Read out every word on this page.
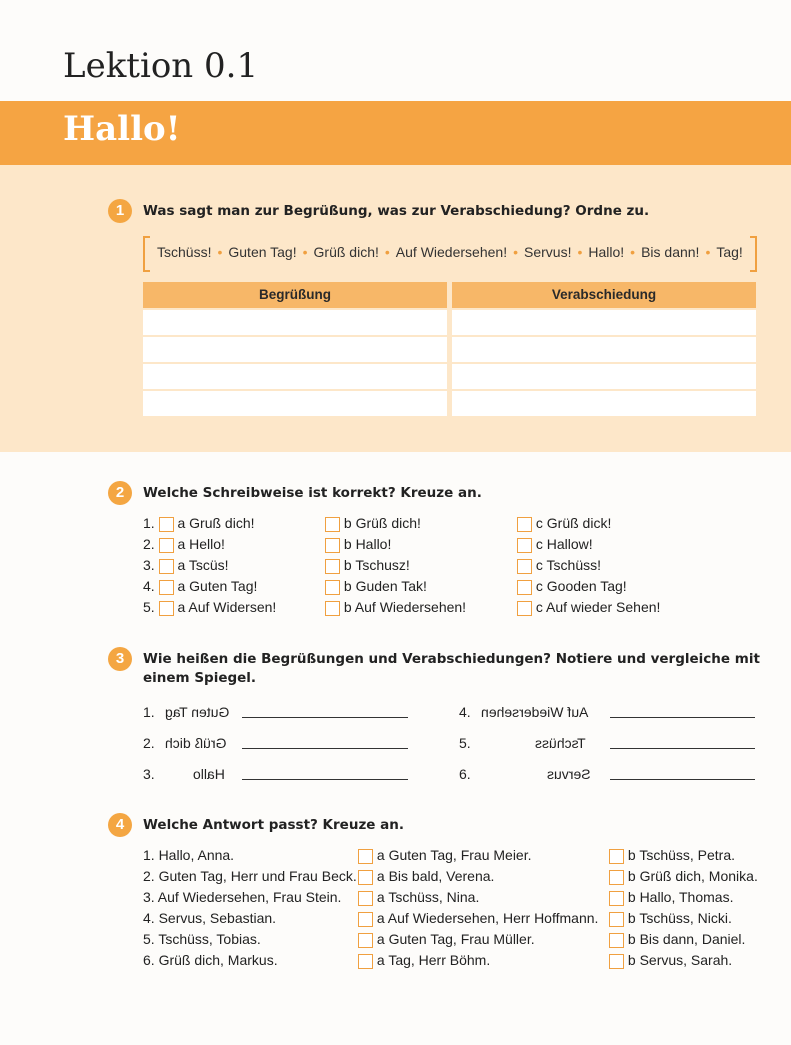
Lektion 0.1
Hallo!
1	Was sagt man zur Begrüßung, was zur Verabschiedung? Ordne zu.
Tschüss! • Guten Tag! • Grüß dich! • Auf Wiedersehen! • Servus! • Hallo! • Bis dann! • Tag!
Begrüßung	Verabschiedung
2	Welche Schreibweise ist korrekt? Kreuze an.
1. a Gruß dich!	b Grüß dich!	c Grüß dick!
2. a Hello!	b Hallo!	c Hallow!
3. a Tscüs!	b Tschusz!	c Tschüss!
4. a Guten Tag!	b Guden Tak!	c Gooden Tag!
5. a Auf Widersen!	b Auf Wiedersehen!	c Auf wieder Sehen!
3	Wie heißen die Begrüßungen und Verabschiedungen? Notiere und vergleiche mit
einem Spiegel.
1. Guten Tag
2. Grüß dich
3.	Hallo
4. Auf Wiedersehen
5.	Tschüss
6.	Servus
4	Welche Antwort passt? Kreuze an.
1. Hallo, Anna.	a Guten Tag, Frau Meier.	b Tschüss, Petra.
2. Guten Tag, Herr und Frau Beck.	a Bis bald, Verena.	b Grüß dich, Monika.
3. Auf Wiedersehen, Frau Stein.	a Tschüss, Nina.	b Hallo, Thomas.
4. Servus, Sebastian.	a Auf Wiedersehen, Herr Hoffmann.	b Tschüss, Nicki.
5. Tschüss, Tobias.	a Guten Tag, Frau Müller.	b Bis dann, Daniel.
6. Grüß dich, Markus.	a Tag, Herr Böhm.	b Servus, Sarah.
